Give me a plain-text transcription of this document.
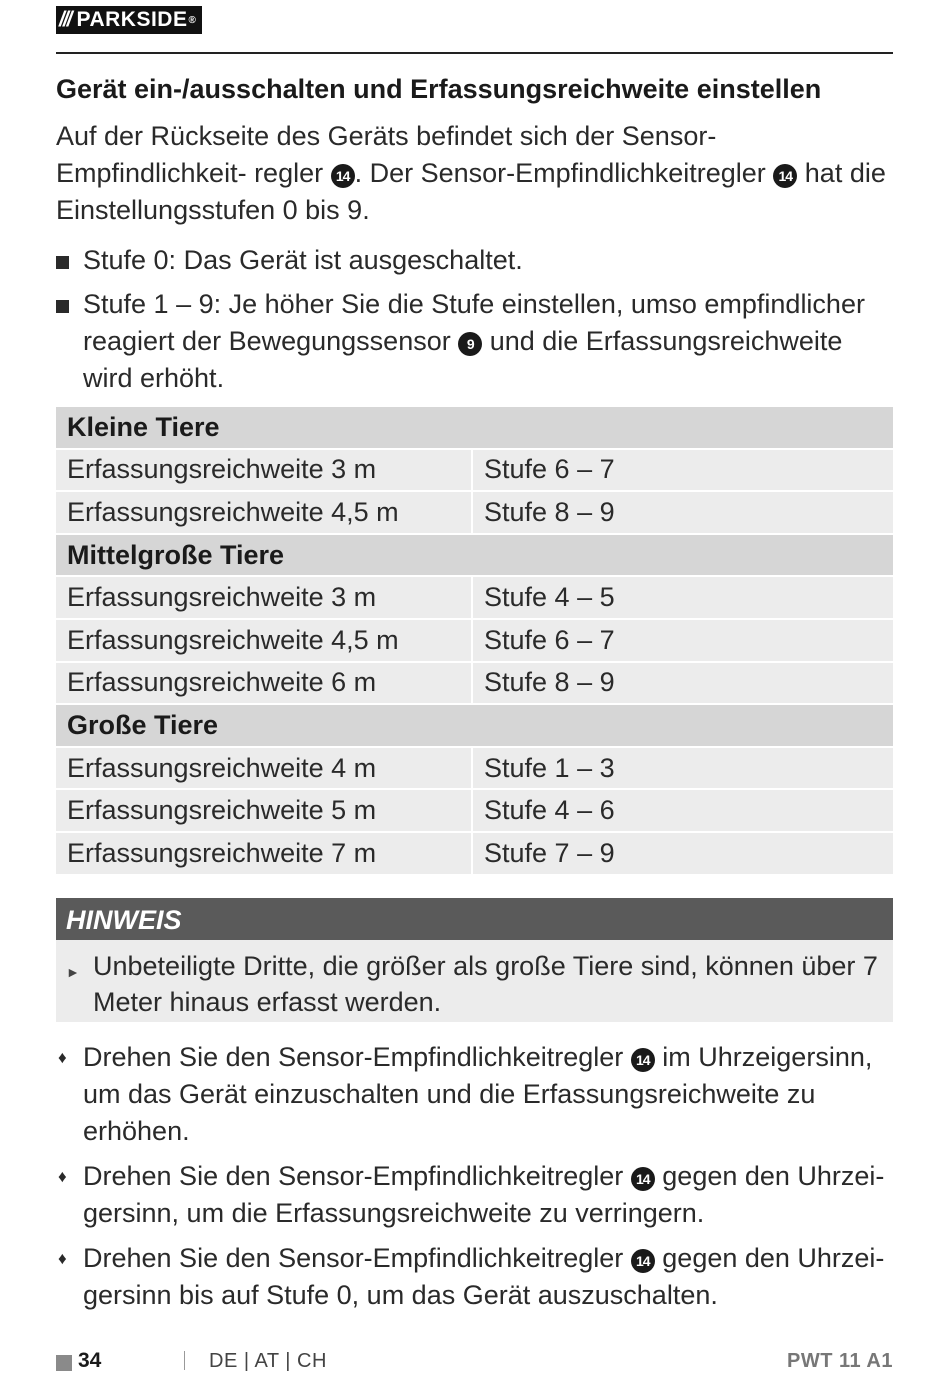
/// PARKSIDE ®
Gerät ein-/ausschalten und Erfassungsreichweite einstellen

Auf der Rückseite des Geräts befindet sich der Sensor-Empfindlichkeit- regler 14 . Der Sensor-Empfindlichkeitregler 14 hat die Einstellungsstufen 0 bis 9.

Stufe 0: Das Gerät ist ausgeschaltet.
Stufe 1 – 9: Je höher Sie die Stufe einstellen, umso empfindlicher reagiert der Bewegungssensor 9 und die Erfassungsreichweite wird erhöht.
Kleine Tiere	
Erfassungsreichweite 3 m	Stufe 6 – 7
Erfassungsreichweite 4,5 m	Stufe 8 – 9
Mittelgroße Tiere	
Erfassungsreichweite 3 m	Stufe 4 – 5
Erfassungsreichweite 4,5 m	Stufe 6 – 7
Erfassungsreichweite 6 m	Stufe 8 – 9
Große Tiere	
Erfassungsreichweite 4 m	Stufe 1 – 3
Erfassungsreichweite 5 m	Stufe 4 – 6
Erfassungsreichweite 7 m	Stufe 7 – 9
HINWEIS
► Unbeteiligte Dritte, die größer als große Tiere sind, können über 7 Meter hinaus erfasst werden.
♦ Drehen Sie den Sensor-Empfindlichkeitregler 14 im Uhrzeigersinn, um das Gerät einzuschalten und die Erfassungsreichweite zu erhöhen.
♦ Drehen Sie den Sensor-Empfindlichkeitregler 14 gegen den Uhrzei- gersinn, um die Erfassungsreichweite zu verringern.
♦ Drehen Sie den Sensor-Empfindlichkeitregler 14 gegen den Uhrzei- gersinn bis auf Stufe 0, um das Gerät auszuschalten.
34	DE | AT | CH	PWT 11 A1
